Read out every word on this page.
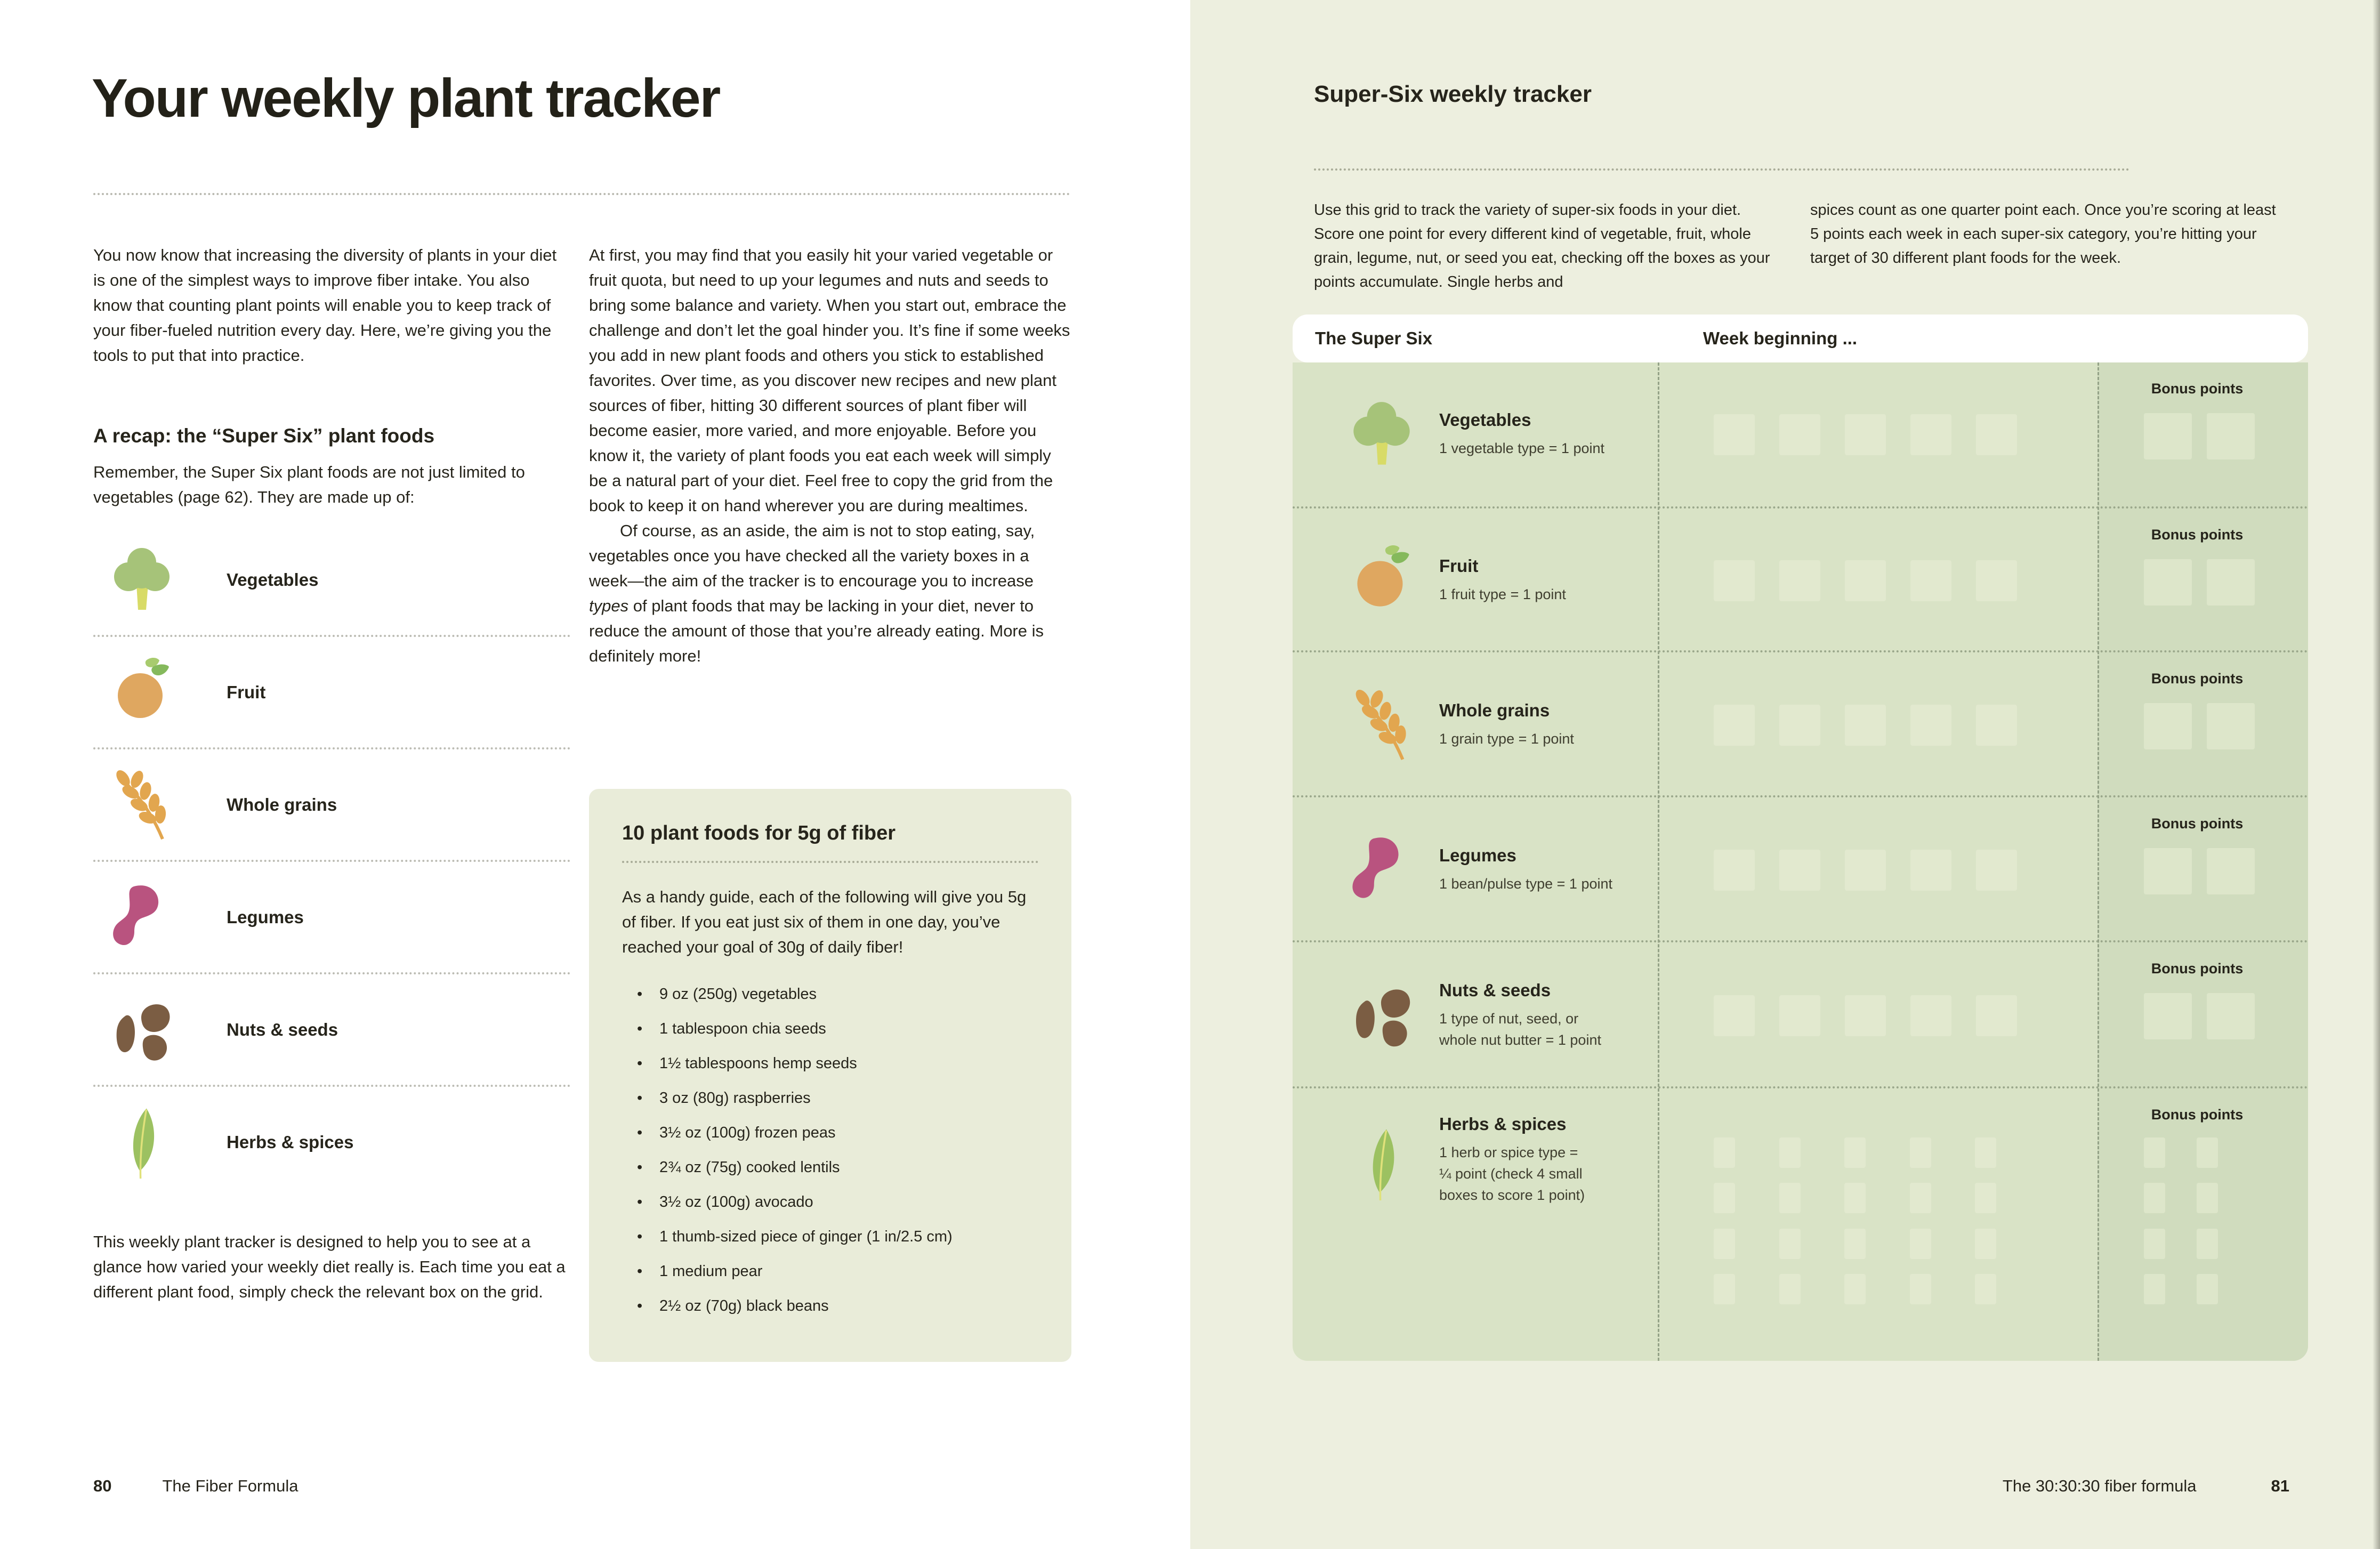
Your weekly plant tracker

You now know that increasing the diversity of plants in your diet is one of the simplest ways to improve fiber intake. You also know that counting plant points will enable you to keep track of your fiber-fueled nutrition every day. Here, we’re giving you the tools to put that into practice.

A recap: the “Super Six” plant foods

Remember, the Super Six plant foods are not just limited to vegetables (page 62). They are made up of:

Vegetables
Fruit
Whole grains
Legumes
Nuts & seeds
Herbs & spices

This weekly plant tracker is designed to help you to see at a glance how varied your weekly diet really is. Each time you eat a different plant food, simply check the relevant box on the grid.

At first, you may find that you easily hit your varied vegetable or fruit quota, but need to up your legumes and nuts and seeds to bring some balance and variety. When you start out, embrace the challenge and don’t let the goal hinder you. It’s fine if some weeks you add in new plant foods and others you stick to established favorites. Over time, as you discover new recipes and new plant sources of fiber, hitting 30 different sources of plant fiber will become easier, more varied, and more enjoyable. Before you know it, the variety of plant foods you eat each week will simply be a natural part of your diet. Feel free to copy the grid from the book to keep it on hand wherever you are during mealtimes.

Of course, as an aside, the aim is not to stop eating, say, vegetables once you have checked all the variety boxes in a week—the aim of the tracker is to encourage you to increase types of plant foods that may be lacking in your diet, never to reduce the amount of those that you’re already eating. More is definitely more!

10 plant foods for 5g of fiber

As a handy guide, each of the following will give you 5g of fiber. If you eat just six of them in one day, you’ve reached your goal of 30g of daily fiber!

• 9 oz (250g) vegetables
• 1 tablespoon chia seeds
• 1½ tablespoons hemp seeds
• 3 oz (80g) raspberries
• 3½ oz (100g) frozen peas
• 2¾ oz (75g) cooked lentils
• 3½ oz (100g) avocado
• 1 thumb-sized piece of ginger (1 in/2.5 cm)
• 1 medium pear
• 2½ oz (70g) black beans
80	The Fiber Formula
Super-Six weekly tracker

Use this grid to track the variety of super-six foods in your diet. Score one point for every different kind of vegetable, fruit, whole grain, legume, nut, or seed you eat, checking off the boxes as your points accumulate. Single herbs and

spices count as one quarter point each. Once you’re scoring at least 5 points each week in each super-six category, you’re hitting your target of 30 different plant foods for the week.

The Super Six	Week beginning ...
Vegetables
1 vegetable type = 1 point
Bonus points
Fruit
1 fruit type = 1 point
Bonus points
Whole grains
1 grain type = 1 point
Bonus points
Legumes
1 bean/pulse type = 1 point
Bonus points
Nuts & seeds
1 type of nut, seed, or
whole nut butter = 1 point
Bonus points
Herbs & spices
1 herb or spice type =
¼ point (check 4 small
boxes to score 1 point)
Bonus points
The 30:30:30 fiber formula	81
